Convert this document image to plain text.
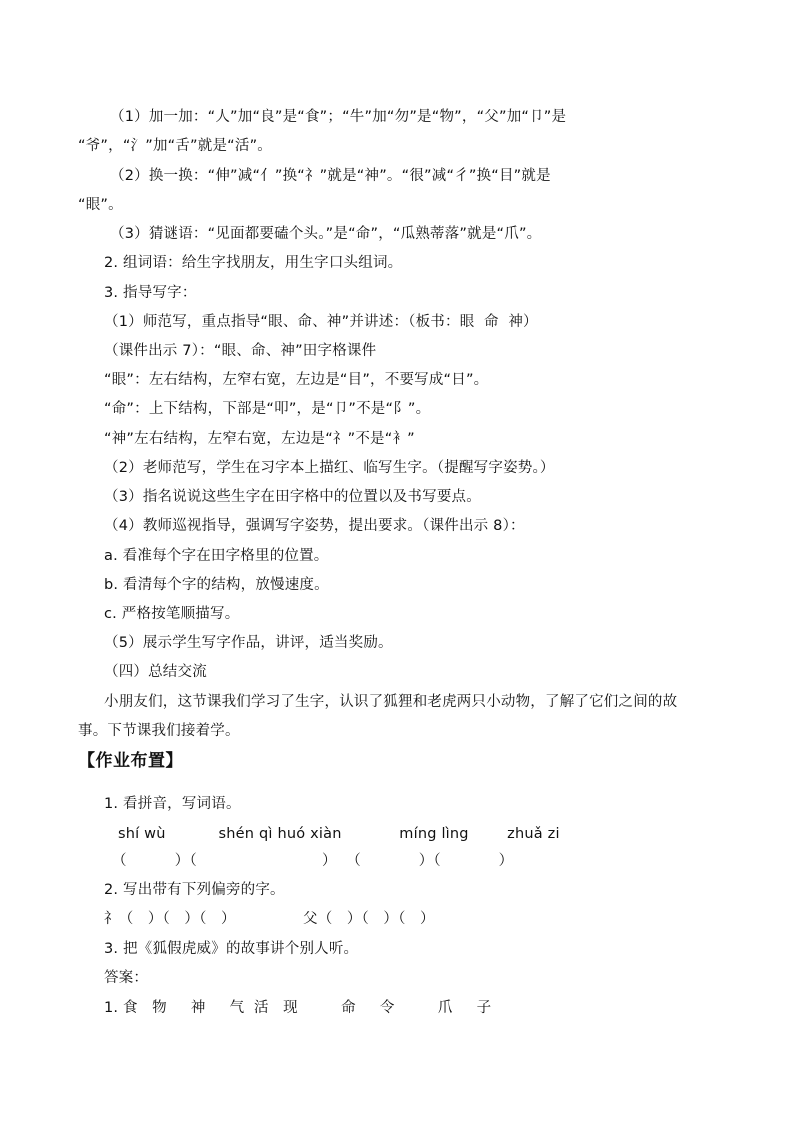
（1）加一加：“人”加“良”是“食”；“牛”加“勿”是“物”，“父”加“卩”是
“爷”，“氵”加“舌”就是“活”。
（2）换一换：“伸”减“亻”换“礻”就是“神”。“很”减“彳”换“目”就是
“眼”。
（3）猜谜语：“见面都要磕个头。”是“命”，“瓜熟蒂落”就是“爪”。
2. 组词语：给生字找朋友，用生字口头组词。
3. 指导写字：
（1）师范写，重点指导“眼、命、神”并讲述：（板书：眼  命  神）
（课件出示 7）：“眼、命、神”田字格课件
“眼”：左右结构，左窄右宽，左边是“目”，不要写成“日”。
“命”：上下结构，下部是“叩”，是“卩”不是“阝”。
“神”左右结构，左窄右宽，左边是“礻”不是“衤”
（2）老师范写，学生在习字本上描红、临写生字。（提醒写字姿势。）
（3）指名说说这些生字在田字格中的位置以及书写要点。
（4）教师巡视指导，强调写字姿势，提出要求。（课件出示 8）：
a. 看准每个字在田字格里的位置。
b. 看清每个字的结构，放慢速度。
c. 严格按笔顺描写。
（5）展示学生写字作品，讲评，适当奖励。
（四）总结交流
小朋友们，这节课我们学习了生字，认识了狐狸和老虎两只小动物，了解了它们之间的故
事。下节课我们接着学。
【作业布置】
1. 看拼音，写词语。
shí wù           shén qì huó xiàn            míng lìng        zhuǎ zi
（          ）（                          ）  （            ）（            ）
2. 写出带有下列偏旁的字。
礻（   ）（   ）（   ）              父（   ）（   ）（   ）
3. 把《狐假虎威》的故事讲个别人听。
答案：
1. 食   物     神     气  活   现         命     令         爪     子
